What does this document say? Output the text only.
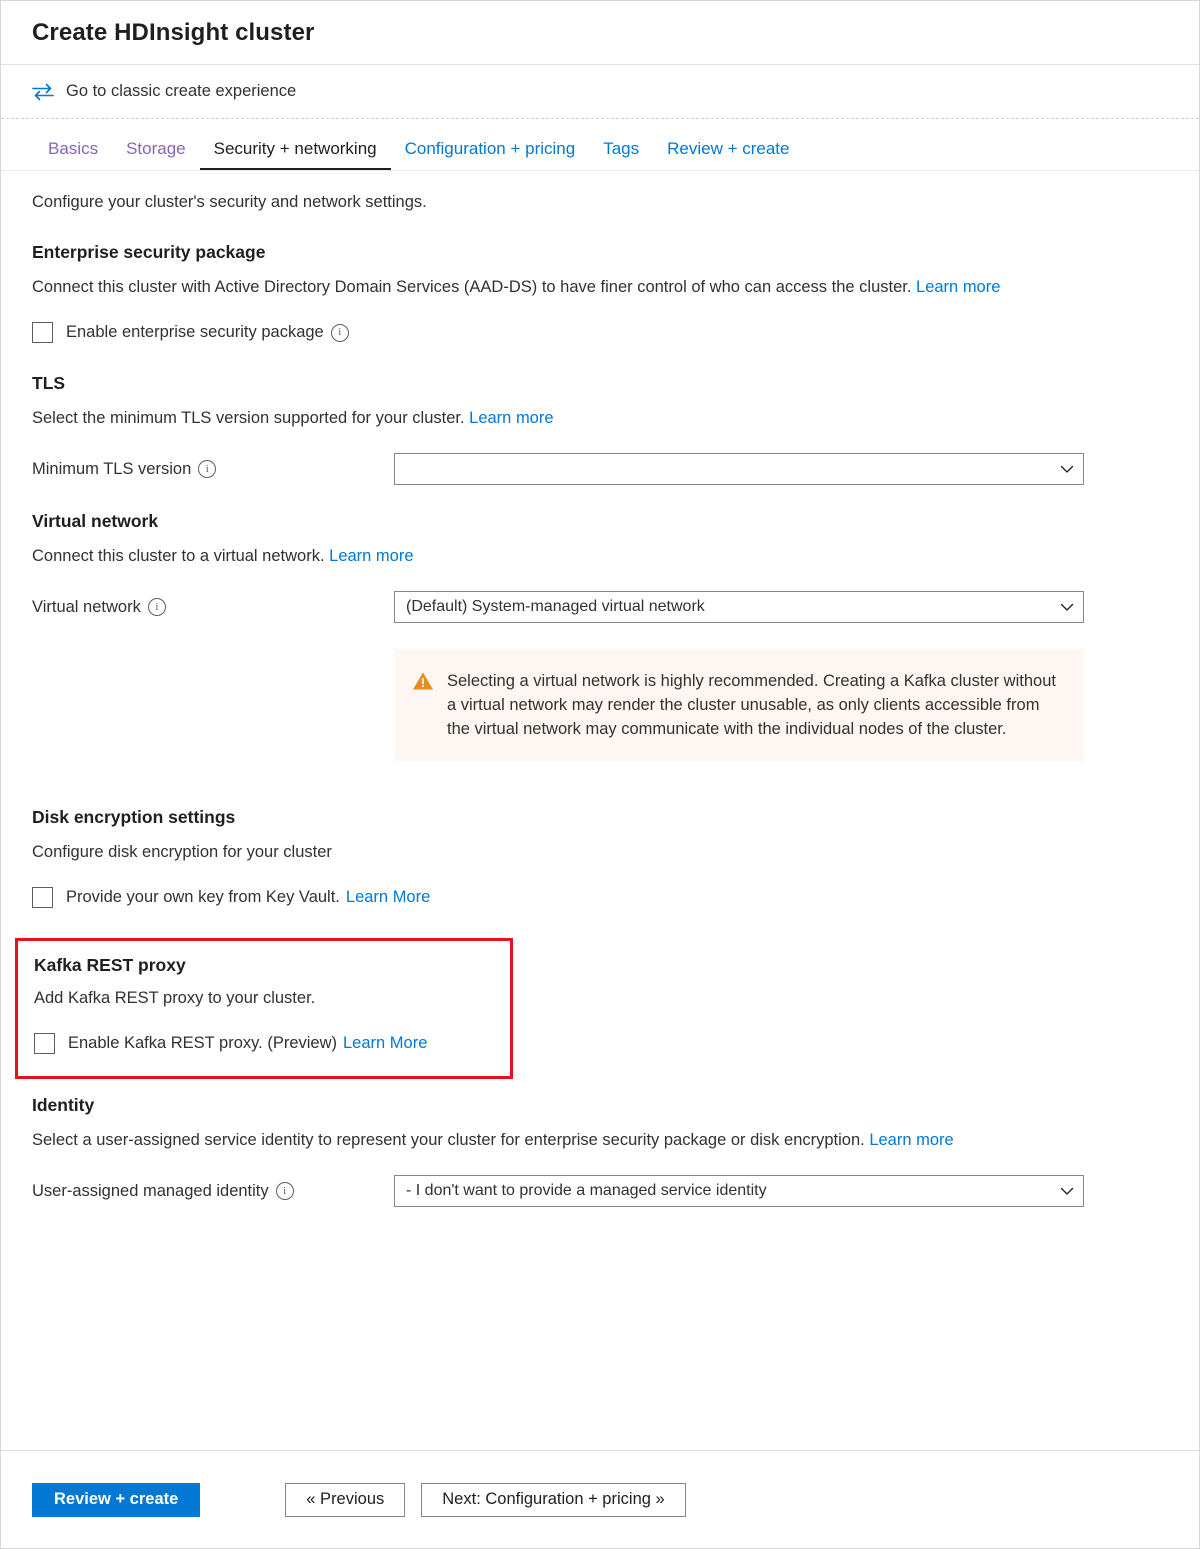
Create HDInsight cluster
Go to classic create experience
Basics	Storage	Security + networking	Configuration + pricing	Tags	Review + create

Configure your cluster's security and network settings.

Enterprise security package

Connect this cluster with Active Directory Domain Services (AAD-DS) to have finer control of who can access the cluster. Learn more

Enable enterprise security package	i
TLS

Select the minimum TLS version supported for your cluster. Learn more

Minimum TLS version	i
Virtual network

Connect this cluster to a virtual network. Learn more

Virtual network	i	(Default) System-managed virtual network
Selecting a virtual network is highly recommended. Creating a Kafka cluster without a virtual network may render the cluster unusable, as only clients accessible from the virtual network may communicate with the individual nodes of the cluster.
Disk encryption settings

Configure disk encryption for your cluster

Provide your own key from Key Vault. Learn More
Kafka REST proxy

Add Kafka REST proxy to your cluster.

Enable Kafka REST proxy. (Preview) Learn More
Identity

Select a user-assigned service identity to represent your cluster for enterprise security package or disk encryption. Learn more

User-assigned managed identity	i	- I don't want to provide a managed service identity
Review + create	« Previous	Next: Configuration + pricing »
